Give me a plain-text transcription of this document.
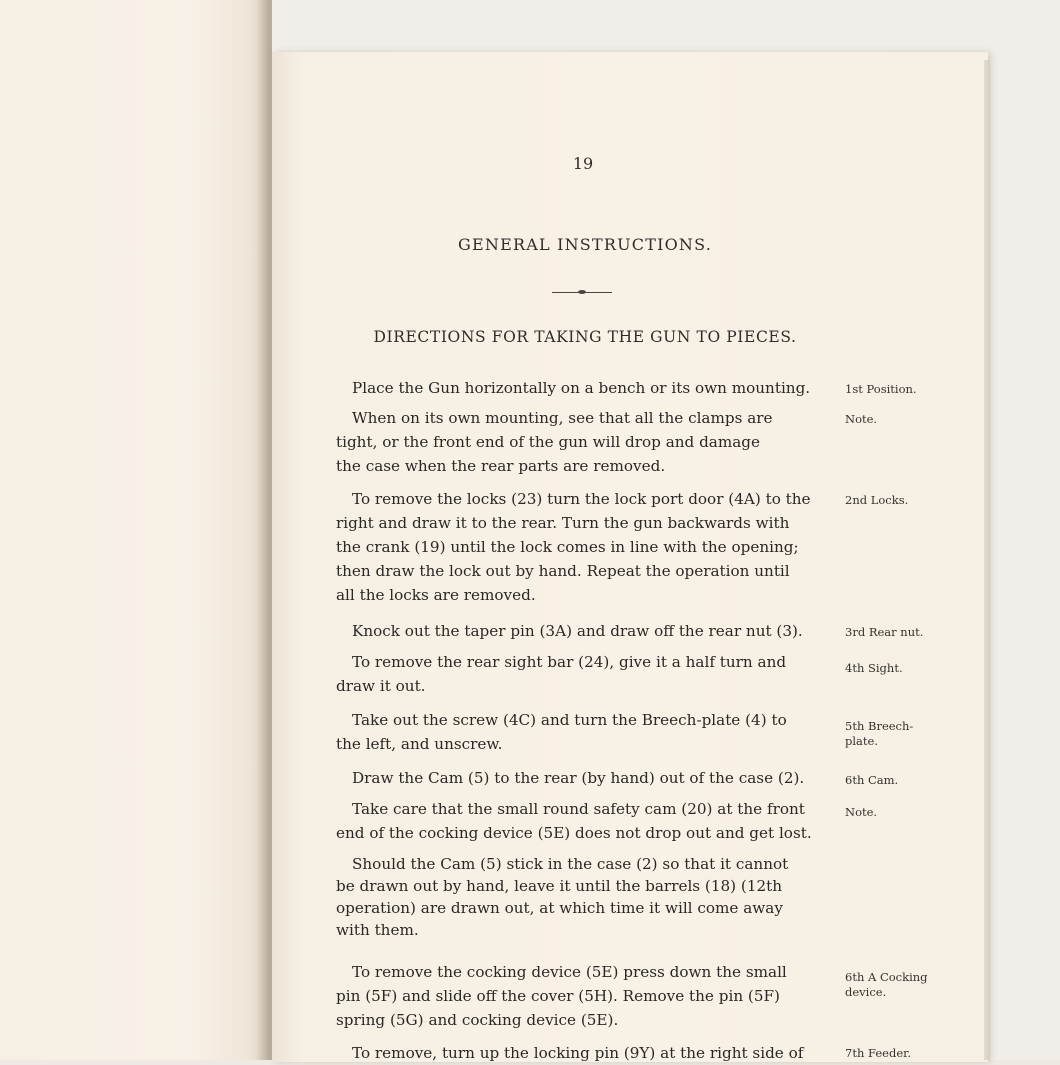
19
GENERAL INSTRUCTIONS.
DIRECTIONS FOR TAKING THE GUN TO PIECES.
Place the Gun horizontally on a bench or its own mounting.	1st Position.
When on its own mounting, see that all the clamps are
tight, or the front end of the gun will drop and damage
the case when the rear parts are removed.
Note.
To remove the locks (23) turn the lock port door (4A) to the
right and draw it to the rear. Turn the gun backwards with
the crank (19) until the lock comes in line with the opening;
then draw the lock out by hand. Repeat the operation until
all the locks are removed.
2nd Locks.
Knock out the taper pin (3A) and draw off the rear nut (3).	3rd Rear nut.
To remove the rear sight bar (24), give it a half turn and
draw it out.
4th Sight.
Take out the screw (4C) and turn the Breech-plate (4) to
the left, and unscrew.
5th Breech-
plate.
Draw the Cam (5) to the rear (by hand) out of the case (2).	6th Cam.
Take care that the small round safety cam (20) at the front
end of the cocking device (5E) does not drop out and get lost.
Note.
Should the Cam (5) stick in the case (2) so that it cannot
be drawn out by hand, leave it until the barrels (18) (12th
operation) are drawn out, at which time it will come away
with them.
To remove the cocking device (5E) press down the small
pin (5F) and slide off the cover (5H). Remove the pin (5F)
spring (5G) and cocking device (5E).
6th A Cocking
device.
To remove, turn up the locking pin (9Y) at the right side of	7th Feeder.
